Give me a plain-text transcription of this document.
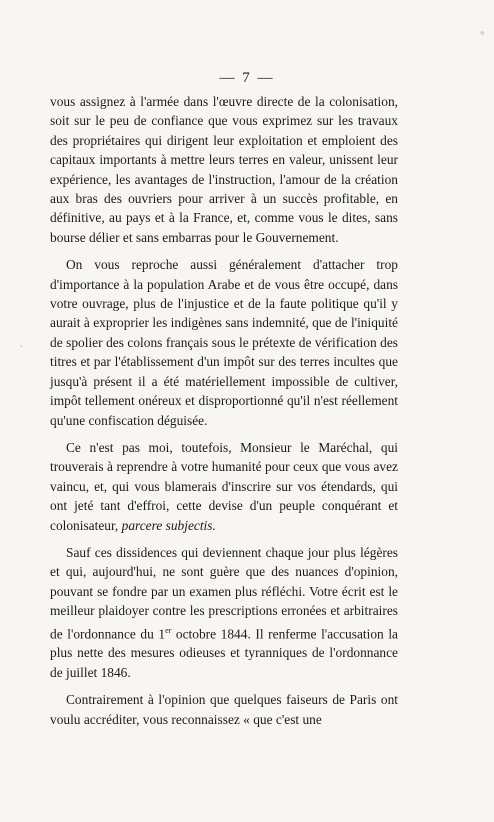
°
— 7 —
·

vous assignez à l'armée dans l'œuvre directe de la colonisation, soit sur le peu de confiance que vous exprimez sur les travaux des propriétaires qui dirigent leur exploitation et emploient des capitaux importants à mettre leurs terres en valeur, unissent leur expérience, les avantages de l'instruction, l'amour de la création aux bras des ouvriers pour arriver à un succès profitable, en définitive, au pays et à la France, et, comme vous le dites, sans bourse délier et sans embarras pour le Gouvernement.

On vous reproche aussi généralement d'attacher trop d'importance à la population Arabe et de vous être occupé, dans votre ouvrage, plus de l'injustice et de la faute politique qu'il y aurait à exproprier les indigènes sans indemnité, que de l'iniquité de spolier des colons français sous le prétexte de vérification des titres et par l'établissement d'un impôt sur des terres incultes que jusqu'à présent il a été matériellement impossible de cultiver, impôt tellement onéreux et disproportionné qu'il n'est réellement qu'une confiscation déguisée.

Ce n'est pas moi, toutefois, Monsieur le Maréchal, qui trouverais à reprendre à votre humanité pour ceux que vous avez vaincu, et, qui vous blamerais d'inscrire sur vos étendards, qui ont jeté tant d'effroi, cette devise d'un peuple conquérant et colonisateur, parcere subjectis.

Sauf ces dissidences qui deviennent chaque jour plus légères et qui, aujourd'hui, ne sont guère que des nuances d'opinion, pouvant se fondre par un examen plus réfléchi. Votre écrit est le meilleur plaidoyer contre les prescriptions erronées et arbitraires de l'ordonnance du 1er octobre 1844. Il renferme l'accusation la plus nette des mesures odieuses et tyranniques de l'ordonnance de juillet 1846.

Contrairement à l'opinion que quelques faiseurs de Paris ont voulu accréditer, vous reconnaissez « que c'est une
